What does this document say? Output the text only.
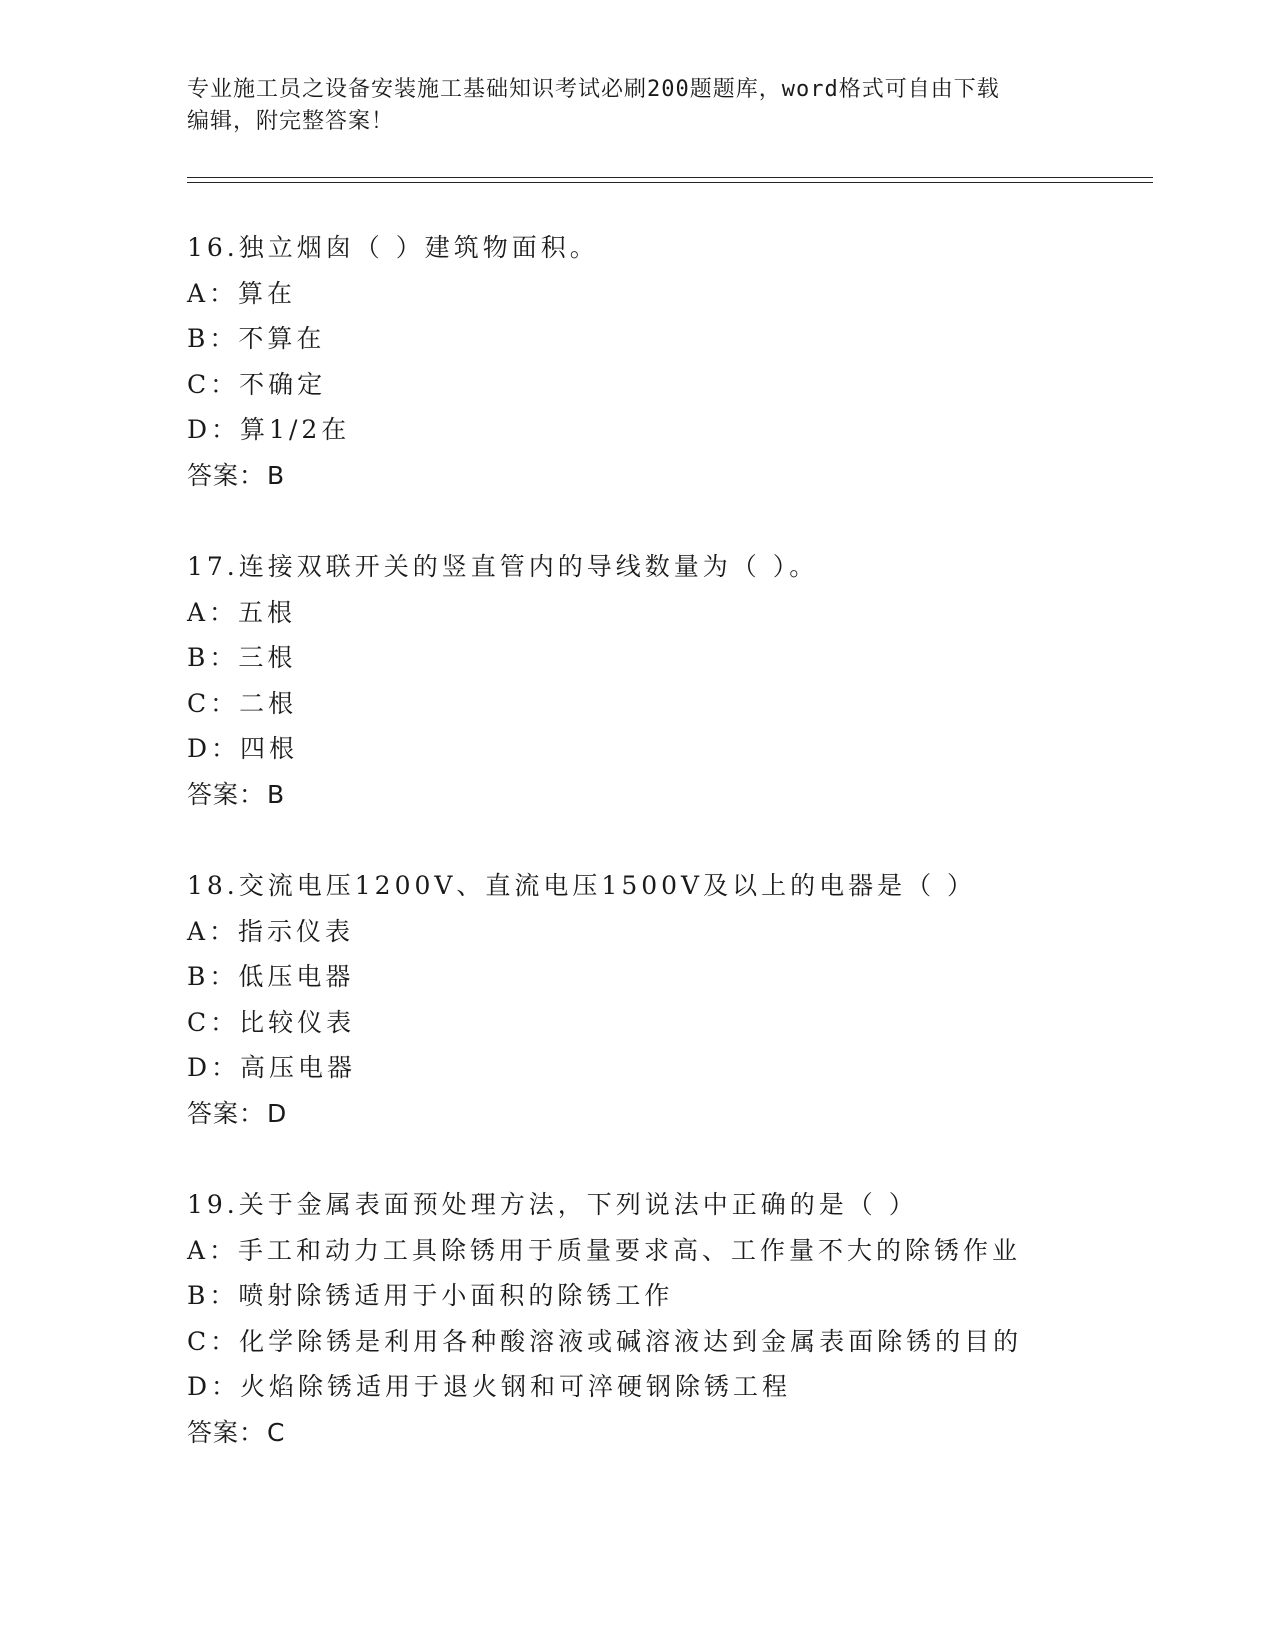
专业施工员之设备安装施工基础知识考试必刷200题题库，word格式可自由下载
编辑，附完整答案！
16.独立烟囱（ ）建筑物面积。
A：算在
B：不算在
C：不确定
D：算1/2在
答案：B
17.连接双联开关的竖直管内的导线数量为（ ）。
A：五根
B：三根
C：二根
D：四根
答案：B
18.交流电压1200V、直流电压1500V及以上的电器是（ ）
A：指示仪表
B：低压电器
C：比较仪表
D：高压电器
答案：D
19.关于金属表面预处理方法，下列说法中正确的是（ ）
A：手工和动力工具除锈用于质量要求高、工作量不大的除锈作业
B：喷射除锈适用于小面积的除锈工作
C：化学除锈是利用各种酸溶液或碱溶液达到金属表面除锈的目的
D：火焰除锈适用于退火钢和可淬硬钢除锈工程
答案：C
